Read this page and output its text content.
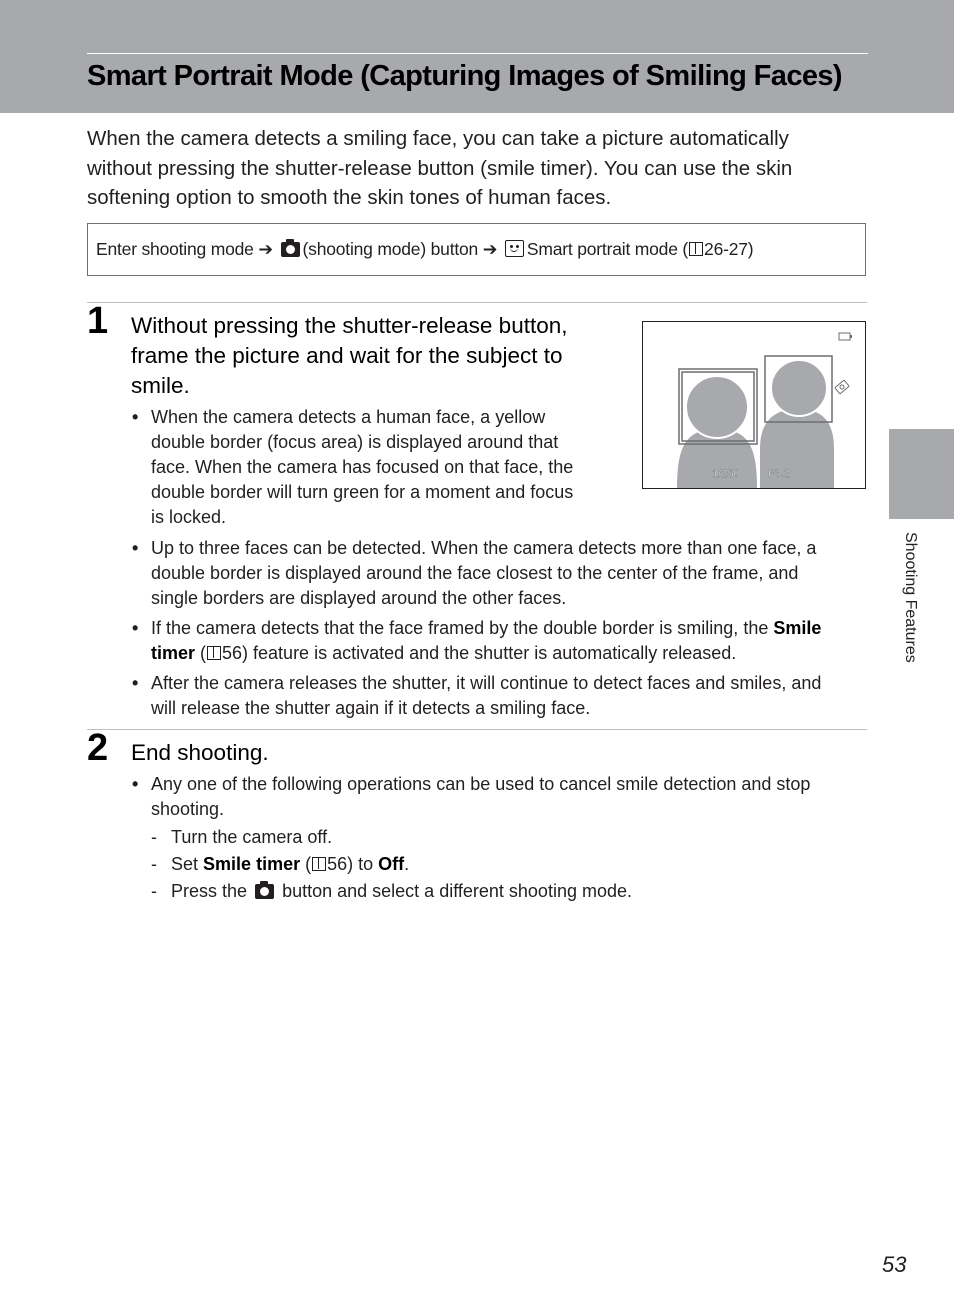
Smart Portrait Mode (Capturing Images of Smiling Faces)
When the camera detects a smiling face, you can take a picture automatically
without pressing the shutter-release button (smile timer). You can use the skin
softening option to smooth the skin tones of human faces.
Enter shooting mode ➔ (shooting mode) button ➔ Smart portrait mode ( 26-27)
1 Without pressing the shutter-release button,
frame the picture and wait for the subject to
smile.
• When the camera detects a human face, a yellow
double border (focus area) is displayed around that
face. When the camera has focused on that face, the
double border will turn green for a moment and focus
is locked.
1/250	F3.2
• Up to three faces can be detected. When the camera detects more than one face, a
double border is displayed around the face closest to the center of the frame, and
single borders are displayed around the other faces.
• If the camera detects that the face framed by the double border is smiling, the Smile
timer ( 56) feature is activated and the shutter is automatically released.
• After the camera releases the shutter, it will continue to detect faces and smiles, and
will release the shutter again if it detects a smiling face.
2 End shooting.
• Any one of the following operations can be used to cancel smile detection and stop
shooting.
- Turn the camera off.
- Set Smile timer ( 56) to Off.
- Press the button and select a different shooting mode.
Shooting Features
53
